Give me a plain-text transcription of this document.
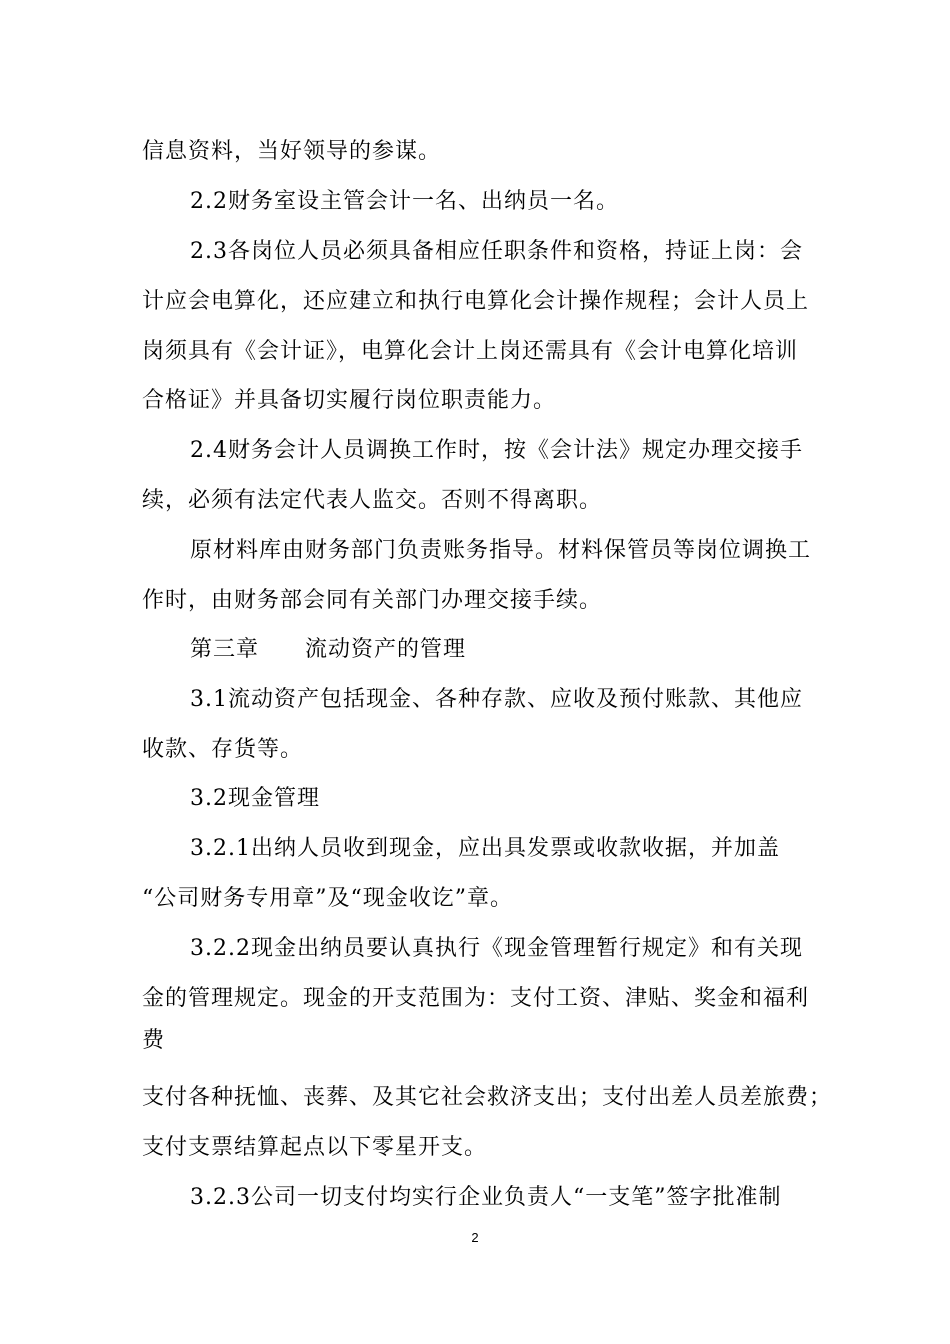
信息资料，当好领导的参谋。
2.2财务室设主管会计一名、出纳员一名。
2.3各岗位人员必须具备相应任职条件和资格，持证上岗：会
计应会电算化，还应建立和执行电算化会计操作规程；会计人员上
岗须具有《会计证》，电算化会计上岗还需具有《会计电算化培训
合格证》并具备切实履行岗位职责能力。
2.4财务会计人员调换工作时，按《会计法》规定办理交接手
续，必须有法定代表人监交。否则不得离职。
原材料库由财务部门负责账务指导。材料保管员等岗位调换工
作时，由财务部会同有关部门办理交接手续。
第三章　　流动资产的管理
3.1流动资产包括现金、各种存款、应收及预付账款、其他应
收款、存货等。
3.2现金管理
3.2.1出纳人员收到现金，应出具发票或收款收据，并加盖
“公司财务专用章”及“现金收讫”章。
3.2.2现金出纳员要认真执行《现金管理暂行规定》和有关现
金的管理规定。现金的开支范围为：支付工资、津贴、奖金和福利
费
支付各种抚恤、丧葬、及其它社会救济支出；支付出差人员差旅费；
支付支票结算起点以下零星开支。
3.2.3公司一切支付均实行企业负责人“一支笔”签字批准制
2
